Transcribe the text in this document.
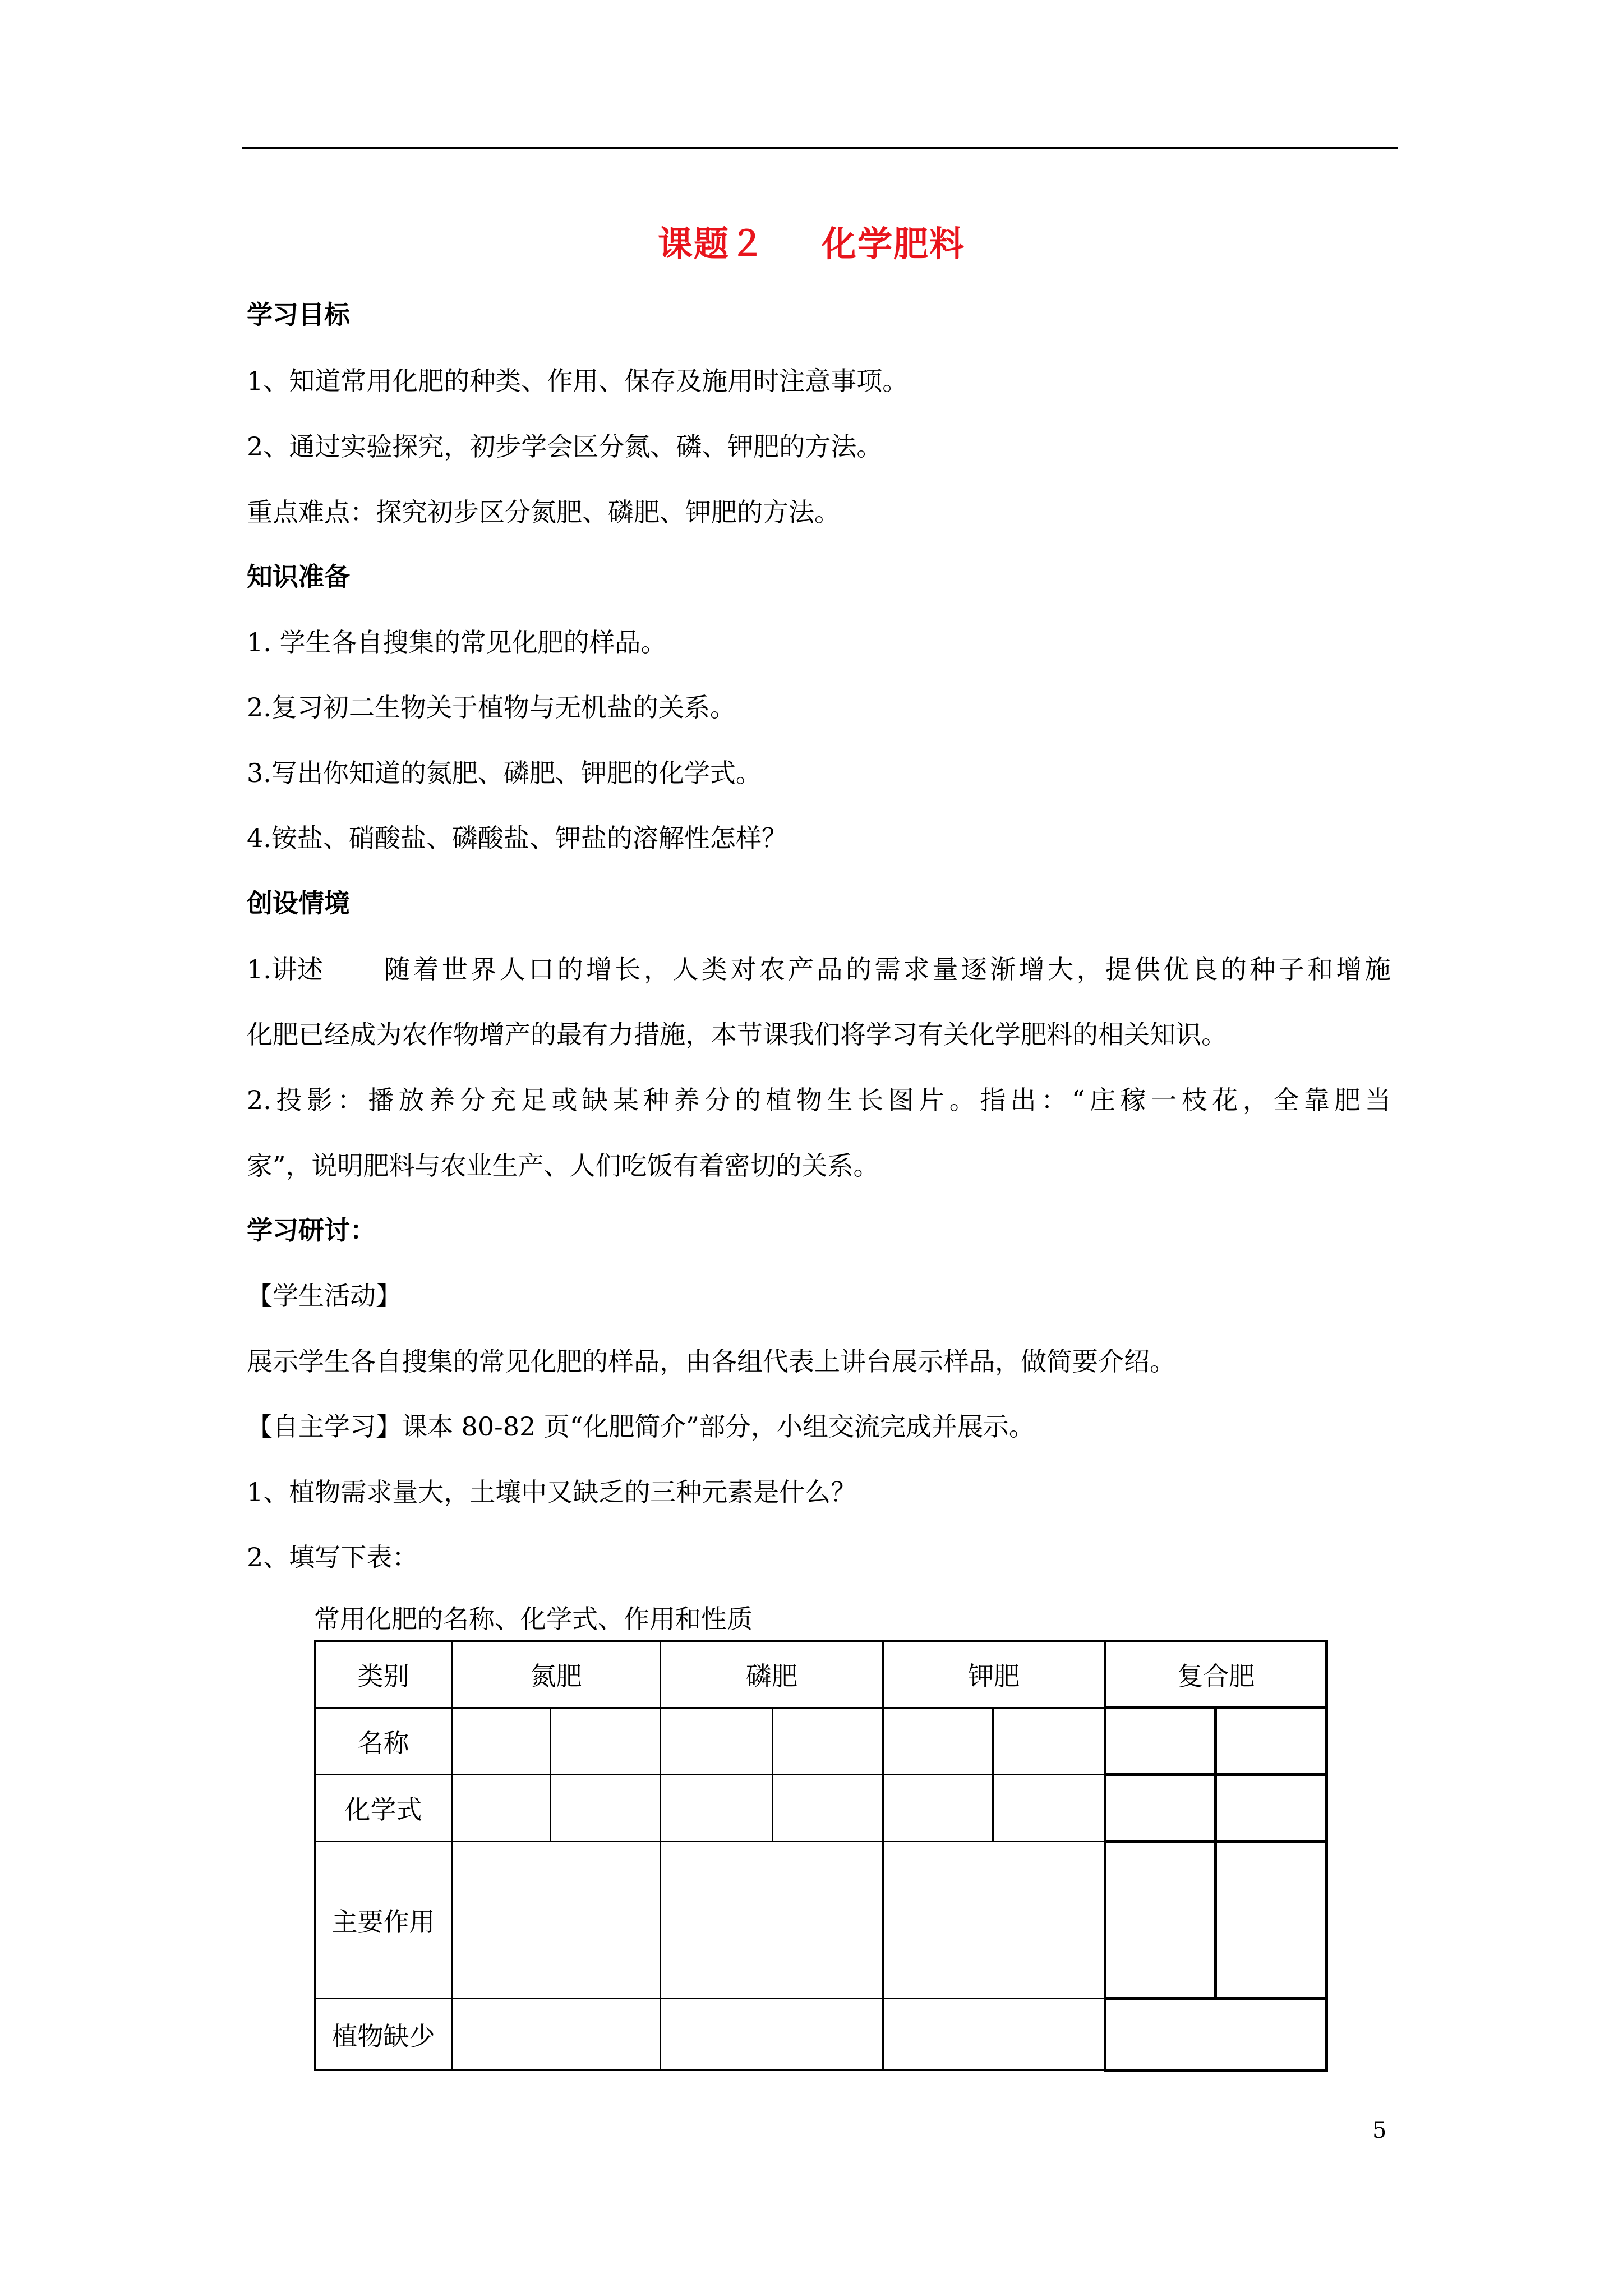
课题２ 化学肥料
学习目标
1、知道常用化肥的种类、作用、保存及施用时注意事项。
2、通过实验探究，初步学会区分氮、磷、钾肥的方法。
重点难点：探究初步区分氮肥、磷肥、钾肥的方法。
知识准备
1. 学生各自搜集的常见化肥的样品。
2.复习初二生物关于植物与无机盐的关系。
3.写出你知道的氮肥、磷肥、钾肥的化学式。
4.铵盐、硝酸盐、磷酸盐、钾盐的溶解性怎样？
创设情境
1.讲述 随着世界人口的增长，人类对农产品的需求量逐渐增大，提供优良的种子和增施
化肥已经成为农作物增产的最有力措施，本节课我们将学习有关化学肥料的相关知识。
2.投影：播放养分充足或缺某种养分的植物生长图片。指出：“庄稼一枝花，全靠肥当
家”，说明肥料与农业生产、人们吃饭有着密切的关系。
学习研讨：
【学生活动】
展示学生各自搜集的常见化肥的样品，由各组代表上讲台展示样品，做简要介绍。
【自主学习】课本 80-82 页“化肥简介”部分，小组交流完成并展示。
1、植物需求量大，土壤中又缺乏的三种元素是什么？
2、填写下表：
常用化肥的名称、化学式、作用和性质
类别	氮肥		磷肥		钾肥		复合肥	
名称								
化学式								
主要作用								
植物缺少								
5
